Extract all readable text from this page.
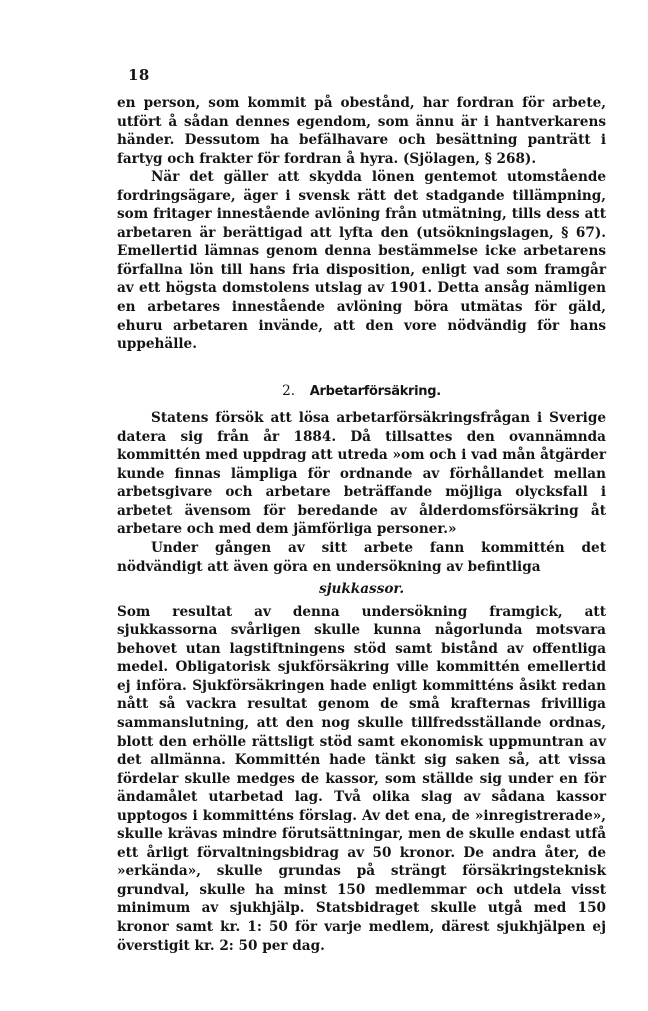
18

en person, som kommit på obestånd, har fordran för arbete, utfört å sådan dennes egendom, som ännu är i hantverkarens händer. Dessutom ha befälhavare och besättning panträtt i fartyg och frakter för fordran å hyra. (Sjölagen, § 268).

När det gäller att skydda lönen gentemot utomstående fordringsägare, äger i svensk rätt det stadgande tillämpning, som fritager innestående avlöning från utmätning, tills dess att arbetaren är berättigad att lyfta den (utsökningslagen, § 67). Emellertid lämnas genom denna bestämmelse icke arbetarens förfallna lön till hans fria disposition, enligt vad som framgår av ett högsta domstolens utslag av 1901. Detta ansåg nämligen en arbetares innestående avlöning böra utmätas för gäld, ehuru arbetaren invände, att den vore nödvändig för hans uppehälle.

2. Arbetarförsäkring.

Statens försök att lösa arbetarförsäkringsfrågan i Sverige datera sig från år 1884. Då tillsattes den ovannämnda kommittén med uppdrag att utreda »om och i vad mån åtgärder kunde finnas lämpliga för ordnande av förhållandet mellan arbetsgivare och arbetare beträffande möjliga olycksfall i arbetet ävensom för beredande av ålderdomsförsäkring åt arbetare och med dem jämförliga personer.»

Under gången av sitt arbete fann kommittén det nödvändigt att även göra en undersökning av befintliga

sjukkassor.

Som resultat av denna undersökning framgick, att sjukkassorna svårligen skulle kunna någorlunda motsvara behovet utan lagstiftningens stöd samt bistånd av offentliga medel. Obligatorisk sjukförsäkring ville kommittén emellertid ej införa. Sjukförsäkringen hade enligt kommitténs åsikt redan nått så vackra resultat genom de små krafternas frivilliga sammanslutning, att den nog skulle tillfredsställande ordnas, blott den erhölle rättsligt stöd samt ekonomisk uppmuntran av det allmänna. Kommittén hade tänkt sig saken så, att vissa fördelar skulle medges de kassor, som ställde sig under en för ändamålet utarbetad lag. Två olika slag av sådana kassor upptogos i kommitténs förslag. Av det ena, de »inregistrerade», skulle krävas mindre förutsättningar, men de skulle endast utfå ett årligt förvaltningsbidrag av 50 kronor. De andra åter, de »erkända», skulle grundas på strängt försäkringsteknisk grundval, skulle ha minst 150 medlemmar och utdela visst minimum av sjukhjälp. Statsbidraget skulle utgå med 150 kronor samt kr. 1: 50 för varje medlem, därest sjukhjälpen ej överstigit kr. 2: 50 per dag.
